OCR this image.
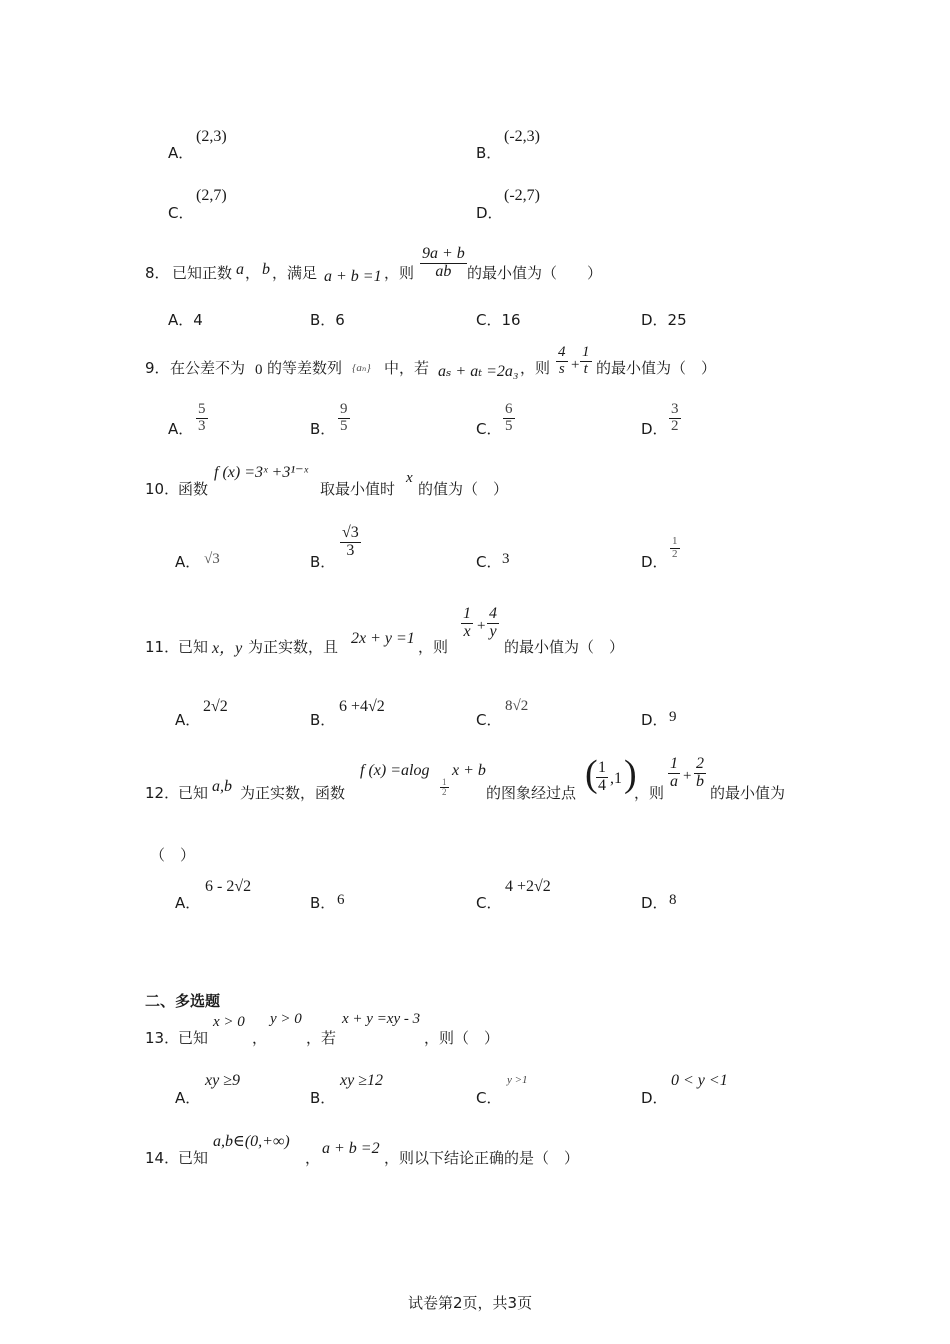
A．
(2,3)
B．
(-2,3)
C．
(2,7)
D．
(-2,7)
8． 已知正数 a ， b ，满足 a + b =1 ，则 $\frac{9a + b}{ab}$ 的最小值为（　　）
A．4	B．6	C．16	D．25
9． 在公差不为 0 的等差数列 {aₙ} 中，若 aₛ + aₜ =2a₃ ，则 $\frac{4}{s} + \frac{1}{t}$ 的最小值为（　）
A． $\frac{5}{3}$	B． $\frac{9}{5}$	C． $\frac{6}{5}$	D． $\frac{3}{2}$
10．
函数
f (x) =3ˣ +3¹⁻ˣ
取最小值时
x
的值为（　）
A． √3	B．
$\frac{√3}{3}$
C． 3	D．
$\frac{1}{2}$
11．
已知 x，y 为正实数，且 2x + y =1 ，则
$\frac{1}{x} + \frac{4}{y}$
的最小值为（　）
A．
2√2
B．
6 +4√2
C．
8√2
D． 9
12．
已知 a,b 为正实数，函数
f (x) =alog
$\frac{1}{2}$
x + b
的图象经过点 (
$\frac{1}{4} ,1$ )
，则
$\frac{1}{a} + \frac{2}{b}$
的最小值为
（　）
A．
6 - 2√2
B． 6	C．
4 +2√2
D． 8
二、多选题
13．
已知
x > 0
，
y > 0
，若
x + y =xy - 3
，则（　）
A．
xy ≥9
B．
xy ≥12
C．
y >1
D．
0 < y <1
14．
已知
a,b∈(0,+∞)
，
a + b =2
，则以下结论正确的是（　）
试卷第2页，共3页
